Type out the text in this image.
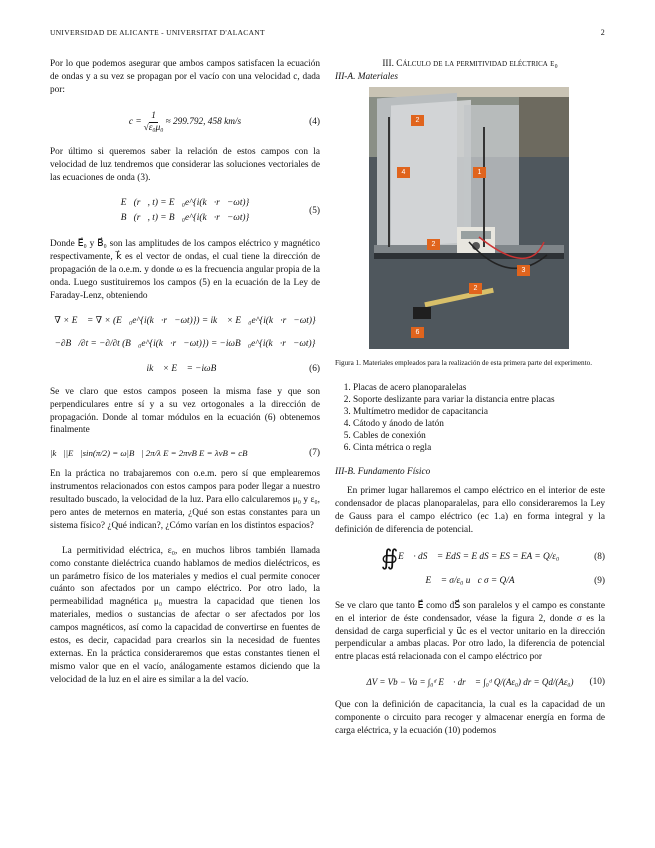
UNIVERSIDAD DE ALICANTE - UNIVERSITAT D'ALACANT	2

Por lo que podemos asegurar que ambos campos satisfacen la ecuación de ondas y a su vez se propagan por el vacío con una velocidad c, dada por:

$c = \frac{1}{\text{√ε₀μ₀}} \approx 299.792$, 458 km/s	(4)

Por último si queremos saber la relación de estos campos con la velocidad de luz tendremos que considerar las soluciones vectoriales de las ecuaciones de onda (3).

E⃗(r⃗, t) = E⃗₀e^{i(k⃗·r⃗−ωt)}
B⃗(r⃗, t) = B⃗₀e^{i(k⃗·r⃗−ωt)}
(5)

Donde E⃗₀ y B⃗₀ son las amplitudes de los campos eléctrico y magnético respectivamente, k⃗ es el vector de ondas, el cual tiene la dirección de propagación de la o.e.m. y donde ω es la frecuencia angular propia de la onda. Luego sustituiremos los campos (5) en la ecuación de la Ley de Faraday-Lenz, obteniendo

∇ × E⃗ = ∇ × (E⃗₀e^{i(k⃗·r⃗−ωt)}) = ik⃗ × E⃗₀e^{i(k⃗·r⃗−ωt)}
−∂B⃗/∂t = −∂/∂t (B⃗₀e^{i(k⃗·r⃗−ωt)}) = −iωB⃗₀e^{i(k⃗·r⃗−ωt)}
ik⃗ × E⃗ = −iωB⃗	(6)

Se ve claro que estos campos poseen la misma fase y que son perpendiculares entre sí y a su vez ortogonales a la dirección de propagación. Donde al tomar módulos en la ecuación (6) obtenemos finalmente

|k⃗||E⃗|sin(π/2) = ω|B⃗| 2π/λ E = 2πνB E = λνB = cB	(7)

En la práctica no trabajaremos con o.e.m. pero sí que emplearemos instrumentos relacionados con estos campos para poder llegar a nuestro resultado buscado, la velocidad de la luz. Para ello calcularemos μ₀ y ε₀, pero antes de meternos en materia, ¿Qué son estas constantes para un sistema físico? ¿Qué indican?, ¿Cómo varían en los distintos espacios?

La permitividad eléctrica, ε₀, en muchos libros también llamada como constante dieléctrica cuando hablamos de medios dieléctricos, es un parámetro físico de los materiales y medios el cual permite conocer cuánto son afectados por un campo eléctrico. Por otro lado, la permeabilidad magnética μ₀ muestra la capacidad que tienen los materiales, medios o sustancias de afectar o ser afectados por los campos magnéticos, así como la capacidad de convertirse en fuentes de estos, es decir, capacidad para crearlos sin la necesidad de fuentes externas. En la práctica consideraremos que estas constantes tienen el mismo valor que en el vacío, análogamente estamos diciendo que la velocidad de la luz en el aire es similar a la del vacío.

III. Cálculo de la permitividad eléctrica ε₀

III-A. Materiales

2
4	1
2
3
2
6

Figura 1. Materiales empleados para la realización de esta primera parte del experimento.

1. Placas de acero planoparalelas
2. Soporte deslizante para variar la distancia entre placas
3. Multímetro medidor de capacitancia
4. Cátodo y ánodo de latón
5. Cables de conexión
6. Cinta métrica o regla

III-B. Fundamento Físico

En primer lugar hallaremos el campo eléctrico en el interior de este condensador de placas planoparalelas, para ello consideraremos la Ley de Gauss para el campo eléctrico (ec 1.a) en forma integral y la definición de diferencia de potencial.

∯ E⃗ · dS⃗ = EdS = E dS = ES = EA = Q/ε₀	(8)
E⃗ = σ/ε₀ u⃗c σ = Q/A	(9)

Se ve claro que tanto E⃗ como dS⃗ son paralelos y el campo es constante en el interior de éste condensador, véase la figura 2, donde σ es la densidad de carga superficial y u⃗c es el vector unitario en la dirección perpendicular a ambas placas. Por otro lado, la diferencia de potencial entre placas está relacionada con el campo eléctrico por

ΔV = Vb − Va = ∫₀ᵈ E⃗ · dr⃗ = ∫₀ᵈ Q/(Aε₀) dr = Qd/(Aε₀) (10)

Que con la definición de capacitancia, la cual es la capacidad de un componente o circuito para recoger y almacenar energía en forma de carga eléctrica, y la ecuación (10) podemos
